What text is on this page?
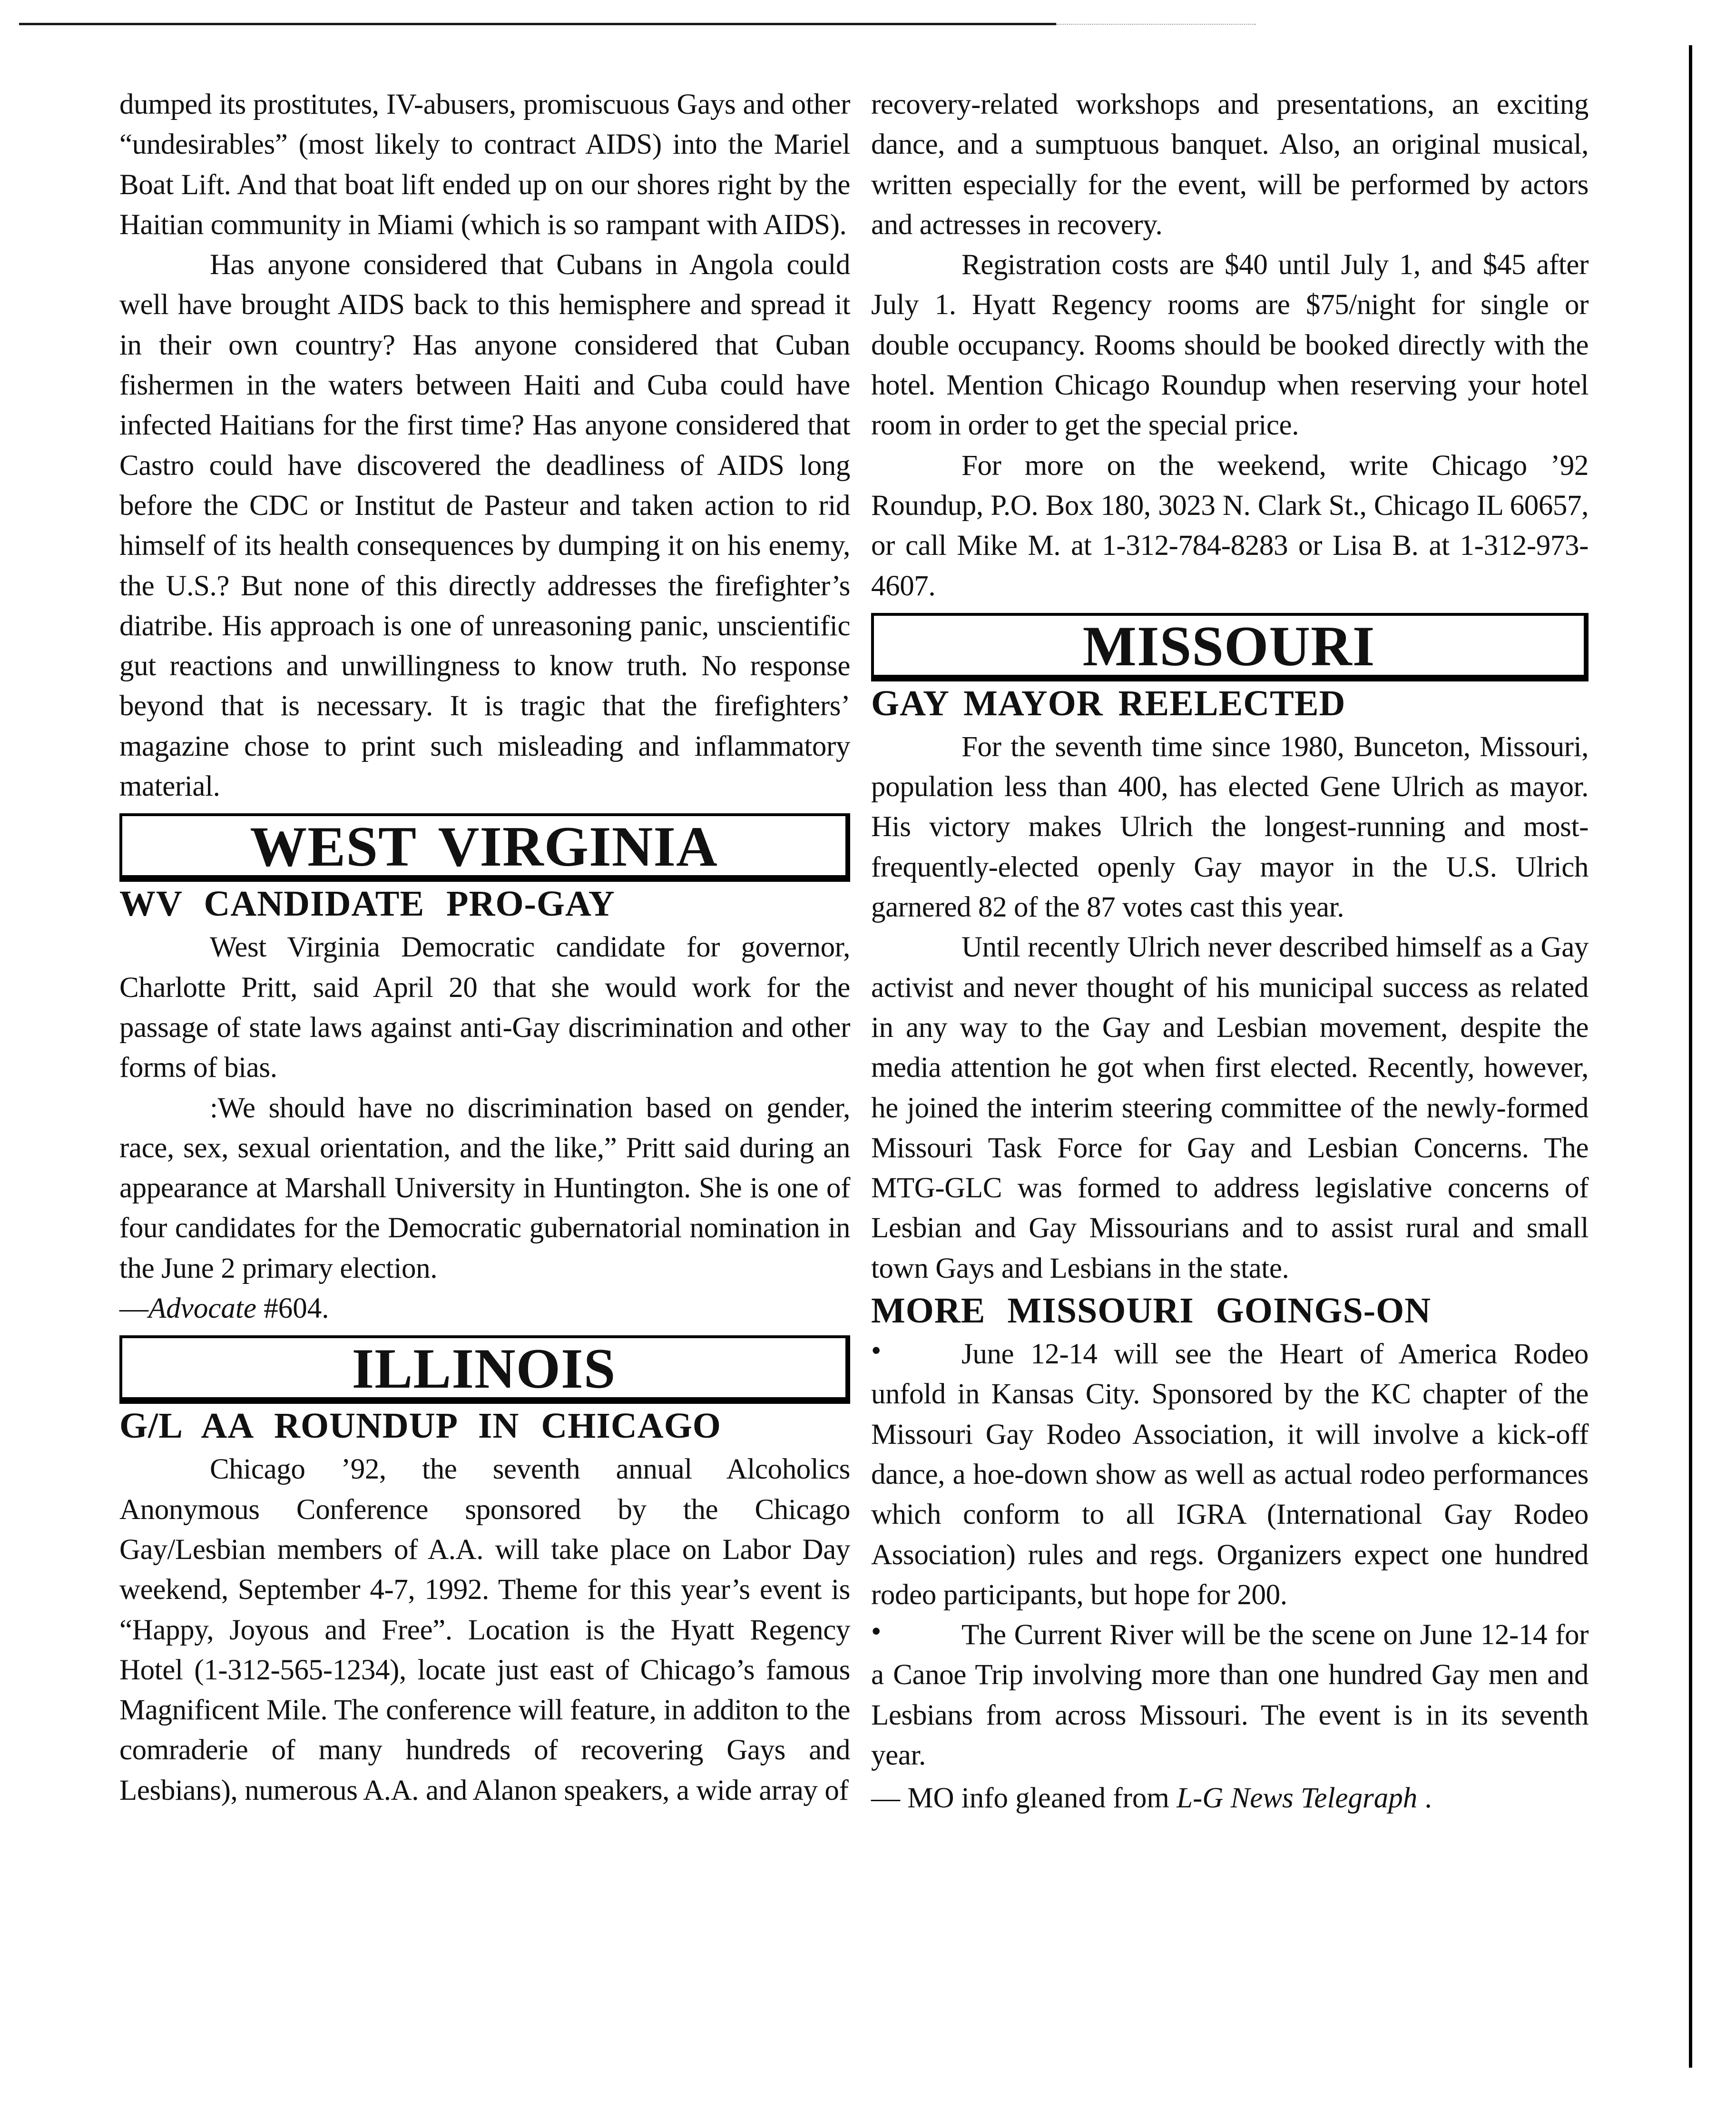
dumped its prostitutes, IV-abusers, promiscuous Gays and other “undesirables” (most likely to contract AIDS) into the Mariel Boat Lift. And that boat lift ended up on our shores right by the Haitian community in Miami (which is so rampant with AIDS).

Has anyone considered that Cubans in Angola could well have brought AIDS back to this hemisphere and spread it in their own country? Has anyone considered that Cuban fishermen in the waters between Haiti and Cuba could have infected Haitians for the first time? Has anyone considered that Castro could have discovered the deadliness of AIDS long before the CDC or Institut de Pasteur and taken action to rid himself of its health consequences by dumping it on his enemy, the U.S.? But none of this directly addresses the firefighter’s diatribe. His approach is one of unreasoning panic, unscientific gut reactions and unwillingness to know truth. No response beyond that is necessary. It is tragic that the firefighters’ magazine chose to print such misleading and inflammatory material.

WEST VIRGINIA
WV CANDIDATE PRO-GAY

West Virginia Democratic candidate for governor, Charlotte Pritt, said April 20 that she would work for the passage of state laws against anti-Gay discrimination and other forms of bias.

:We should have no discrimination based on gender, race, sex, sexual orientation, and the like,” Pritt said during an appearance at Marshall University in Huntington. She is one of four candidates for the Democratic gubernatorial nomination in the June 2 primary election.

—Advocate #604.
ILLINOIS
G/L AA ROUNDUP IN CHICAGO

Chicago ’92, the seventh annual Alcoholics Anonymous Conference sponsored by the Chicago Gay/Lesbian members of A.A. will take place on Labor Day weekend, September 4-7, 1992. Theme for this year’s event is “Happy, Joyous and Free”. Location is the Hyatt Regency Hotel (1-312-565-1234), locate just east of Chicago’s famous Magnificent Mile. The conference will feature, in additon to the comraderie of many hundreds of recovering Gays and Lesbians), numerous A.A. and Alanon speakers, a wide array of

recovery-related workshops and presentations, an exciting dance, and a sumptuous banquet. Also, an original musical, written especially for the event, will be performed by actors and actresses in recovery.

Registration costs are $40 until July 1, and $45 after July 1. Hyatt Regency rooms are $75/night for single or double occupancy. Rooms should be booked directly with the hotel. Mention Chicago Roundup when reserving your hotel room in order to get the special price.

For more on the weekend, write Chicago ’92 Roundup, P.O. Box 180, 3023 N. Clark St., Chicago IL 60657, or call Mike M. at 1-312-784-8283 or Lisa B. at 1-312-973-4607.

MISSOURI
GAY MAYOR REELECTED

For the seventh time since 1980, Bunceton, Missouri, population less than 400, has elected Gene Ulrich as mayor. His victory makes Ulrich the longest-running and most-frequently-elected openly Gay mayor in the U.S. Ulrich garnered 82 of the 87 votes cast this year.

Until recently Ulrich never described himself as a Gay activist and never thought of his municipal success as related in any way to the Gay and Lesbian movement, despite the media attention he got when first elected. Recently, however, he joined the interim steering committee of the newly-formed Missouri Task Force for Gay and Lesbian Concerns. The MTG-GLC was formed to address legislative concerns of Lesbian and Gay Missourians and to assist rural and small town Gays and Lesbians in the state.

MORE MISSOURI GOINGS-ON
•	June 12-14 will see the Heart of America Rodeo unfold in Kansas City. Sponsored by the KC chapter of the Missouri Gay Rodeo Association, it will involve a kick-off dance, a hoe-down show as well as actual rodeo performances which conform to all IGRA (International Gay Rodeo Association) rules and regs. Organizers expect one hundred rodeo participants, but hope for 200.

•	The Current River will be the scene on June 12-14 for a Canoe Trip involving more than one hundred Gay men and Lesbians from across Missouri. The event is in its seventh year.

— MO info gleaned from L-G News Telegraph .
